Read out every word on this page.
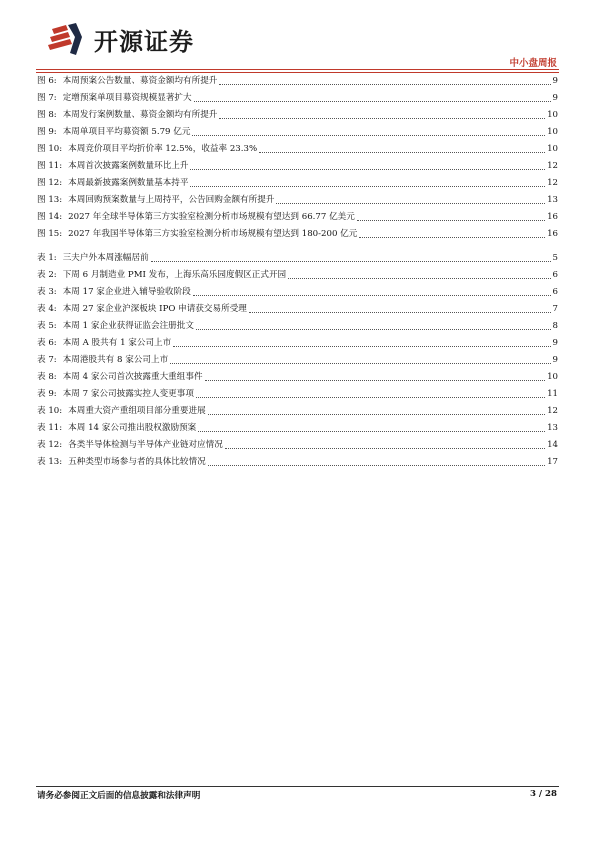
开源证券
中小盘周报
图 6: 本周预案公告数量、募资金额均有所提升	9
图 7: 定增预案单项目募资规模显著扩大	9
图 8: 本周发行案例数量、募资金额均有所提升	10
图 9: 本周单项目平均募资额 5.79 亿元	10
图 10: 本周竞价项目平均折价率 12.5%，收益率 23.3%	10
图 11: 本周首次披露案例数量环比上升	12
图 12: 本周最新披露案例数量基本持平	12
图 13: 本周回购预案数量与上周持平，公告回购金额有所提升	13
图 14: 2027 年全球半导体第三方实验室检测分析市场规模有望达到 66.77 亿美元	16
图 15: 2027 年我国半导体第三方实验室检测分析市场规模有望达到 180-200 亿元	16
表 1: 三夫户外本周涨幅居前	5
表 2: 下周 6 月制造业 PMI 发布，上海乐高乐园度假区正式开园	6
表 3: 本周 17 家企业进入辅导验收阶段	6
表 4: 本周 27 家企业沪深板块 IPO 申请获交易所受理	7
表 5: 本周 1 家企业获得证监会注册批文	8
表 6: 本周 A 股共有 1 家公司上市	9
表 7: 本周港股共有 8 家公司上市	9
表 8: 本周 4 家公司首次披露重大重组事件	10
表 9: 本周 7 家公司披露实控人变更事项	11
表 10: 本周重大资产重组项目部分重要进展	12
表 11: 本周 14 家公司推出股权激励预案	13
表 12: 各类半导体检测与半导体产业链对应情况	14
表 13: 五种类型市场参与者的具体比较情况	17
请务必参阅正文后面的信息披露和法律声明	3 / 28
